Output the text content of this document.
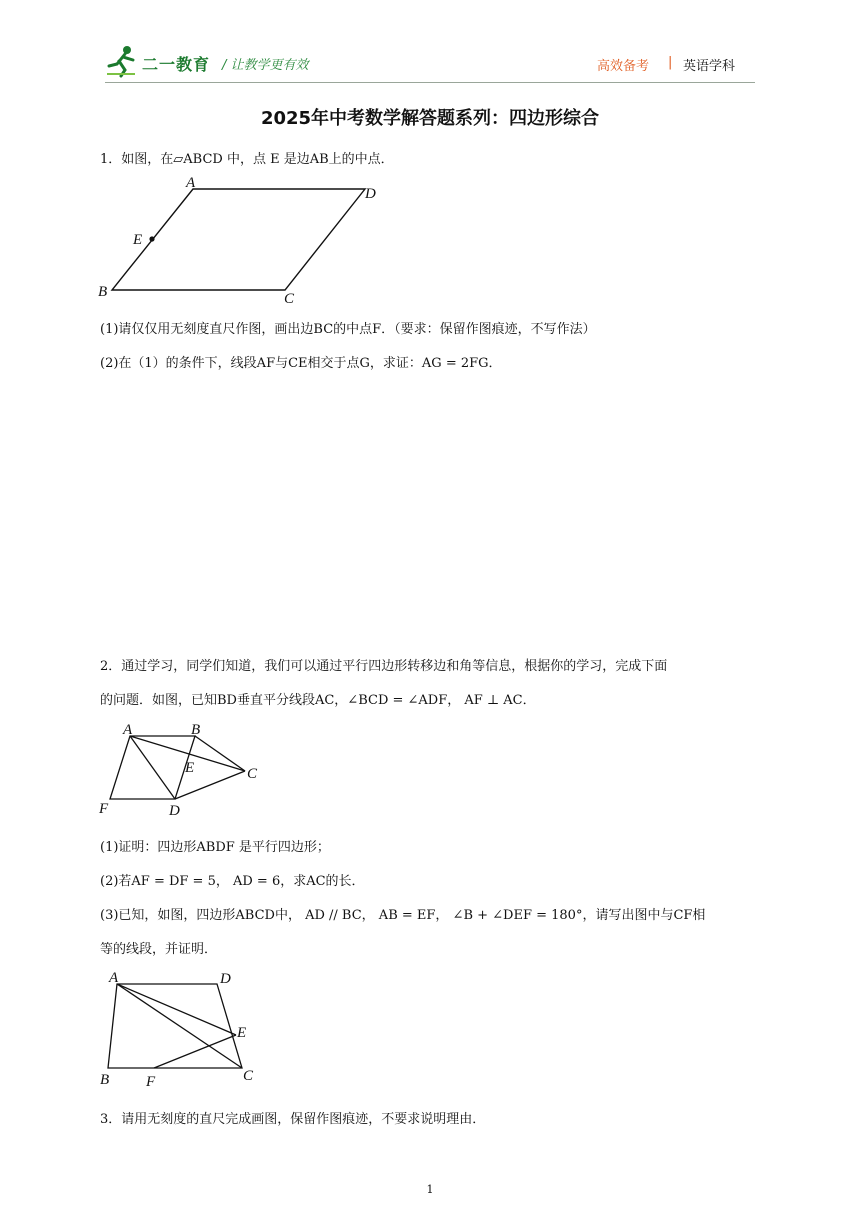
二一教育 / 让教学更有效	高效备考 | 英语学科
2025年中考数学解答题系列：四边形综合
1．如图，在▱ABCD 中，点 E 是边AB上的中点．
A
D
E
B	C
(1)请仅仅用无刻度直尺作图，画出边BC的中点F．（要求：保留作图痕迹，不写作法）
(2)在（1）的条件下，线段AF与CE相交于点G，求证：AG = 2FG．
2．通过学习，同学们知道，我们可以通过平行四边形转移边和角等信息，根据你的学习，完成下面
的问题．如图，已知BD垂直平分线段AC，∠BCD = ∠ADF， AF ⊥ AC．
A	B
E	C
F	D
(1)证明：四边形ABDF 是平行四边形；
(2)若AF = DF = 5， AD = 6，求AC的长．
(3)已知，如图，四边形ABCD中， AD // BC， AB = EF， ∠B + ∠DEF = 180°，请写出图中与CF相
等的线段，并证明．
A	D
E
B F	C
3．请用无刻度的直尺完成画图，保留作图痕迹，不要求说明理由．
1
